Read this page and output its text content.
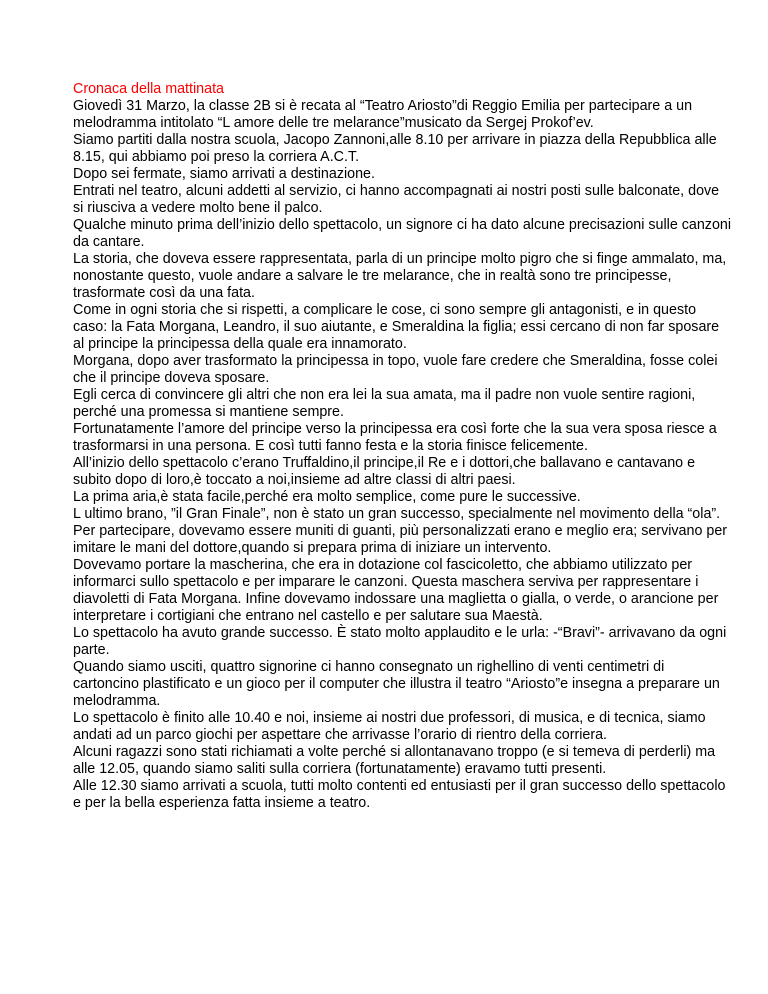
Cronaca della mattinata

Giovedì 31 Marzo, la classe 2B si è recata al “Teatro Ariosto”di Reggio Emilia per partecipare a un melodramma intitolato “L amore delle tre melarance”musicato da Sergej Prokof’ev.

Siamo partiti dalla nostra scuola, Jacopo Zannoni,alle 8.10 per arrivare in piazza della Repubblica alle 8.15, qui abbiamo poi preso la corriera A.C.T.

Dopo sei fermate, siamo arrivati a destinazione.

Entrati nel teatro, alcuni addetti al servizio, ci hanno accompagnati ai nostri posti sulle balconate, dove si riusciva a vedere molto bene il palco.

Qualche minuto prima dell’inizio dello spettacolo, un signore ci ha dato alcune precisazioni sulle canzoni da cantare.

La storia, che doveva essere rappresentata, parla di un principe molto pigro che si finge ammalato, ma, nonostante questo, vuole andare a salvare le tre melarance, che in realtà sono tre principesse, trasformate così da una fata.

Come in ogni storia che si rispetti, a complicare le cose, ci sono sempre gli antagonisti, e in questo caso: la Fata Morgana, Leandro, il suo aiutante, e Smeraldina la figlia; essi cercano di non far sposare al principe la principessa della quale era innamorato.

Morgana, dopo aver trasformato la principessa in topo, vuole fare credere che Smeraldina, fosse colei che il principe doveva sposare.

Egli cerca di convincere gli altri che non era lei la sua amata, ma il padre non vuole sentire ragioni, perché una promessa si mantiene sempre.

Fortunatamente l’amore del principe verso la principessa era così forte che la sua vera sposa riesce a trasformarsi in una persona. E così tutti fanno festa e la storia finisce felicemente.

All’inizio dello spettacolo c’erano Truffaldino,il principe,il Re e i dottori,che ballavano e cantavano e subito dopo di loro,è toccato a noi,insieme ad altre classi di altri paesi.

La prima aria,è stata facile,perché era molto semplice, come pure le successive.

L ultimo brano, ”il Gran Finale”, non è stato un gran successo, specialmente nel movimento della “ola”.

Per partecipare, dovevamo essere muniti di guanti, più personalizzati erano e meglio era; servivano per imitare le mani del dottore,quando si prepara prima di iniziare un intervento.

Dovevamo portare la mascherina, che era in dotazione col fascicoletto, che abbiamo utilizzato per informarci sullo spettacolo e per imparare le canzoni. Questa maschera serviva per rappresentare i diavoletti di Fata Morgana. Infine dovevamo indossare una maglietta o gialla, o verde, o arancione per interpretare i cortigiani che entrano nel castello e per salutare sua Maestà.

Lo spettacolo ha avuto grande successo. È stato molto applaudito e le urla: -“Bravi”- arrivavano da ogni parte.

Quando siamo usciti, quattro signorine ci hanno consegnato un righellino di venti centimetri di cartoncino plastificato e un gioco per il computer che illustra il teatro “Ariosto”e insegna a preparare un melodramma.

Lo spettacolo è finito alle 10.40 e noi, insieme ai nostri due professori, di musica, e di tecnica, siamo andati ad un parco giochi per aspettare che arrivasse l’orario di rientro della corriera.

Alcuni ragazzi sono stati richiamati a volte perché si allontanavano troppo (e si temeva di perderli) ma alle 12.05, quando siamo saliti sulla corriera (fortunatamente) eravamo tutti presenti.

Alle 12.30 siamo arrivati a scuola, tutti molto contenti ed entusiasti per il gran successo dello spettacolo e per la bella esperienza fatta insieme a teatro.
